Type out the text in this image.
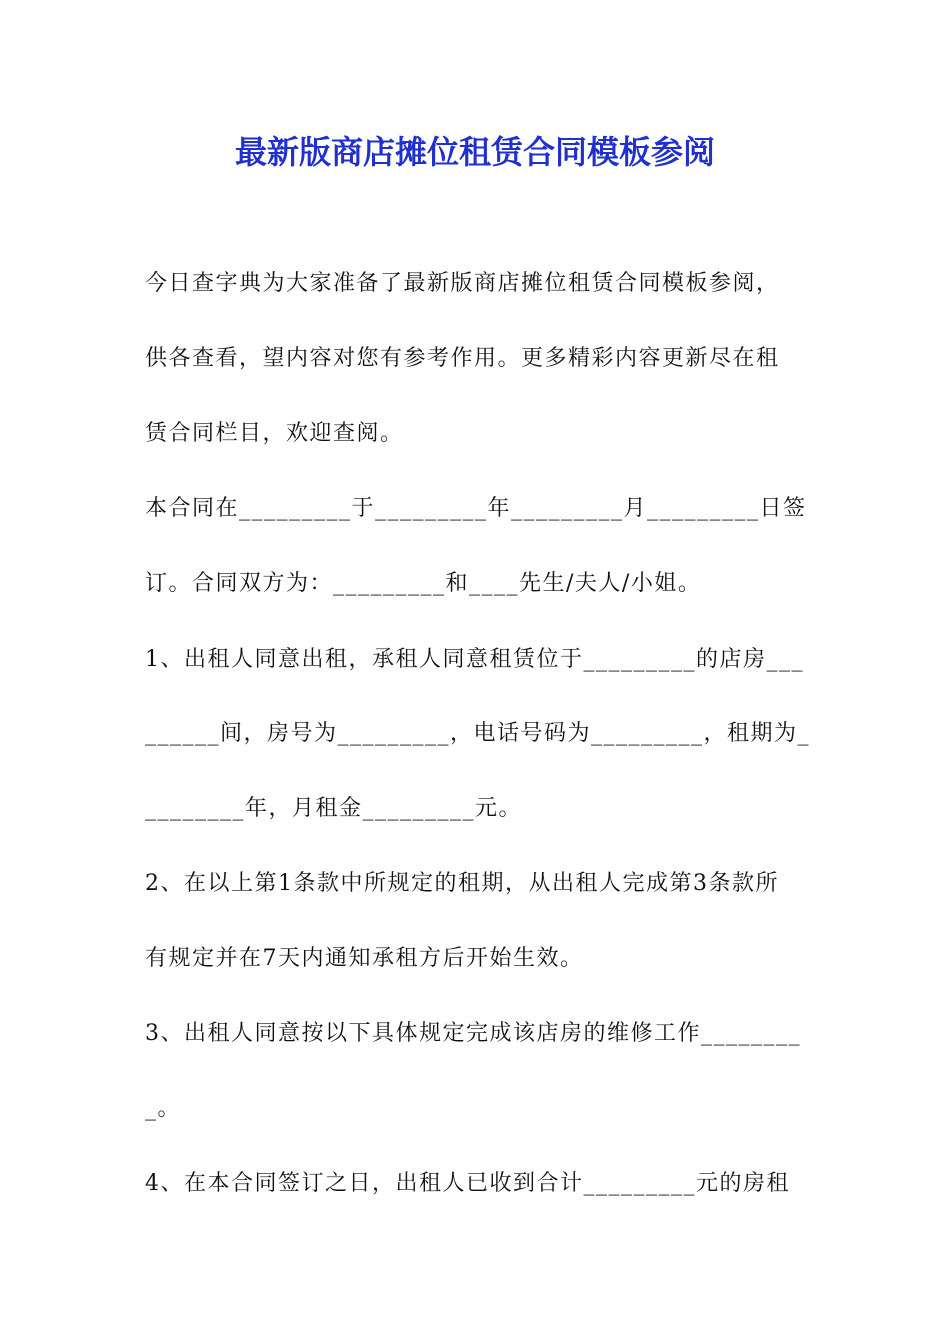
最新版商店摊位租赁合同模板参阅
今日查字典为大家准备了最新版商店摊位租赁合同模板参阅，
供各查看，望内容对您有参考作用。更多精彩内容更新尽在租
赁合同栏目，欢迎查阅。
本合同在_________于_________年_________月_________日签
订。合同双方为：_________和____先生/夫人/小姐。
1、出租人同意出租，承租人同意租赁位于_________的店房___
______间，房号为_________，电话号码为_________，租期为_
________年，月租金_________元。
2、在以上第1条款中所规定的租期，从出租人完成第3条款所
有规定并在7天内通知承租方后开始生效。
3、出租人同意按以下具体规定完成该店房的维修工作________
_。
4、在本合同签订之日，出租人已收到合计_________元的房租
